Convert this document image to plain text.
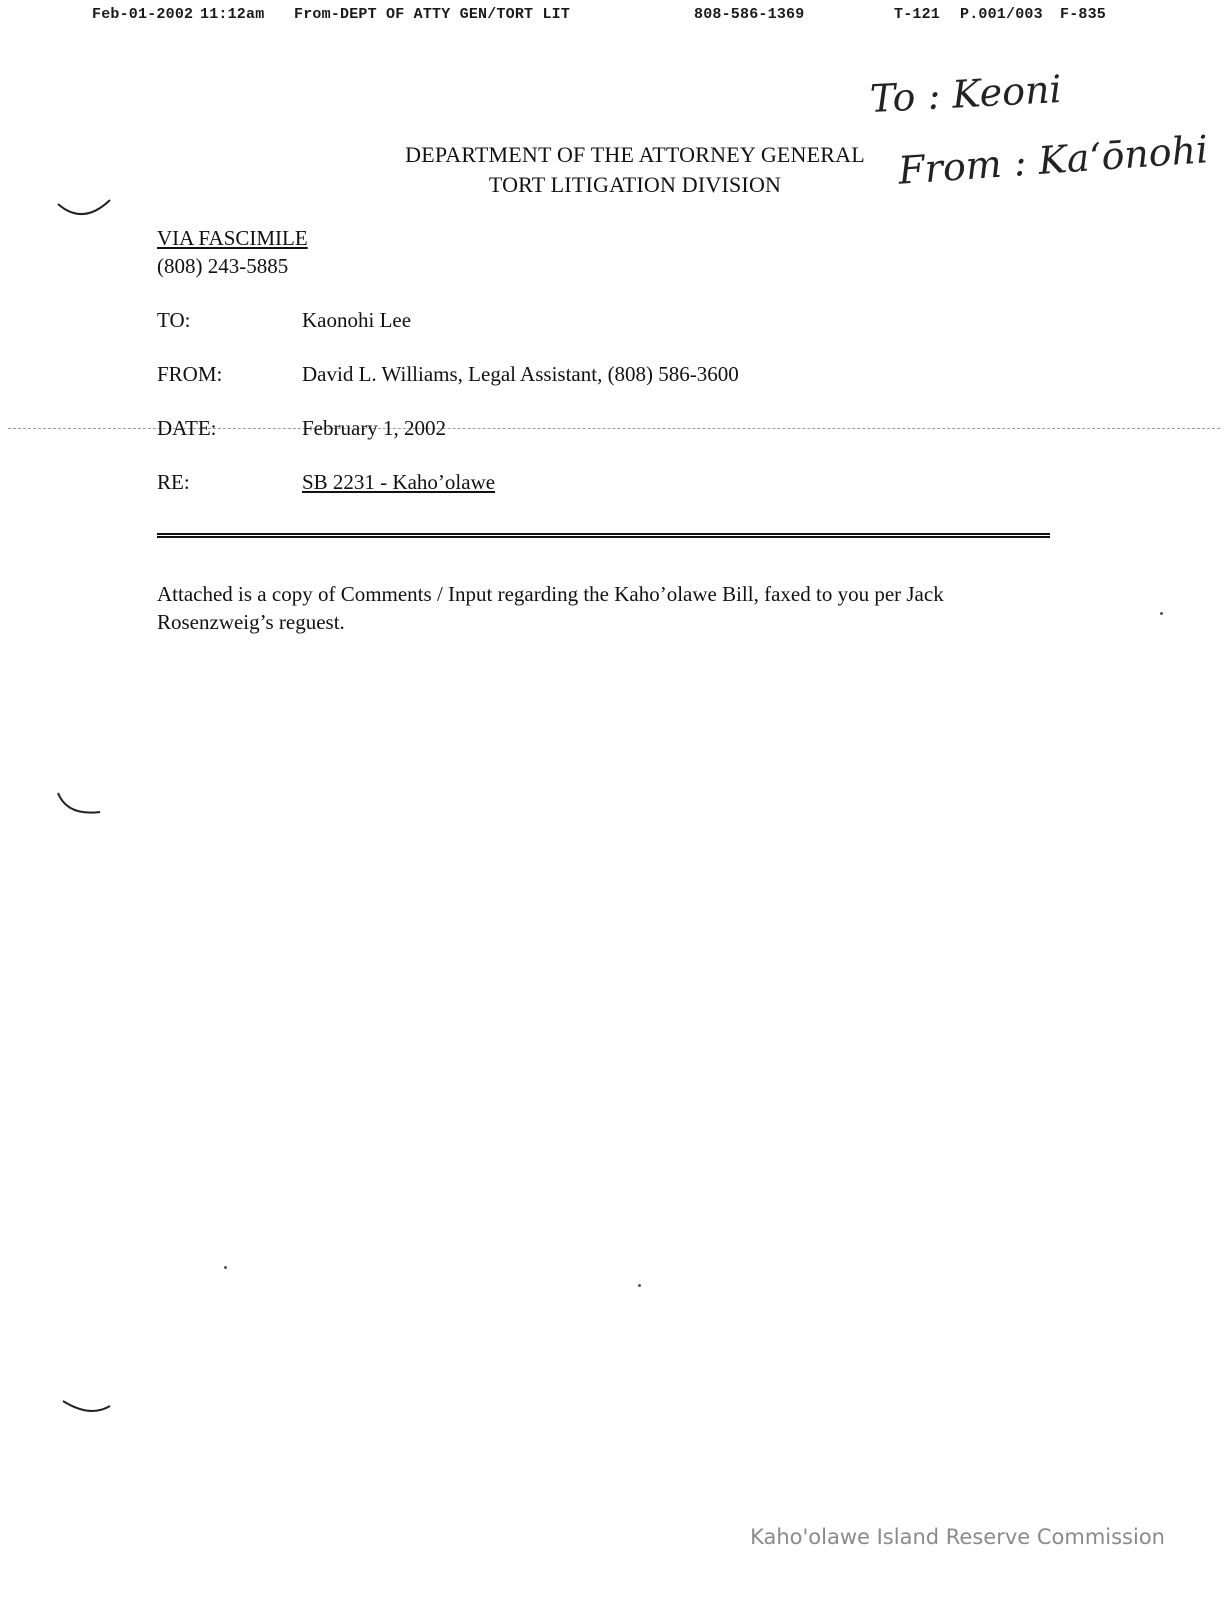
Feb-01-2002 11:12am From-DEPT OF ATTY GEN/TORT LIT	808-586-1369	T-121 P.001/003 F-835
To : Keoni
From : Kaʻōnohi
DEPARTMENT OF THE ATTORNEY GENERAL
TORT LITIGATION DIVISION
VIA FASCIMILE
(808) 243-5885
TO:	Kaonohi Lee
FROM:	David L. Williams, Legal Assistant, (808) 586-3600
DATE:	February 1, 2002
RE:	SB 2231 - Kaho’olawe
Attached is a copy of Comments / Input regarding the Kaho’olawe Bill, faxed to you per Jack
Rosenzweig’s reguest.
Kaho'olawe Island Reserve Commission
